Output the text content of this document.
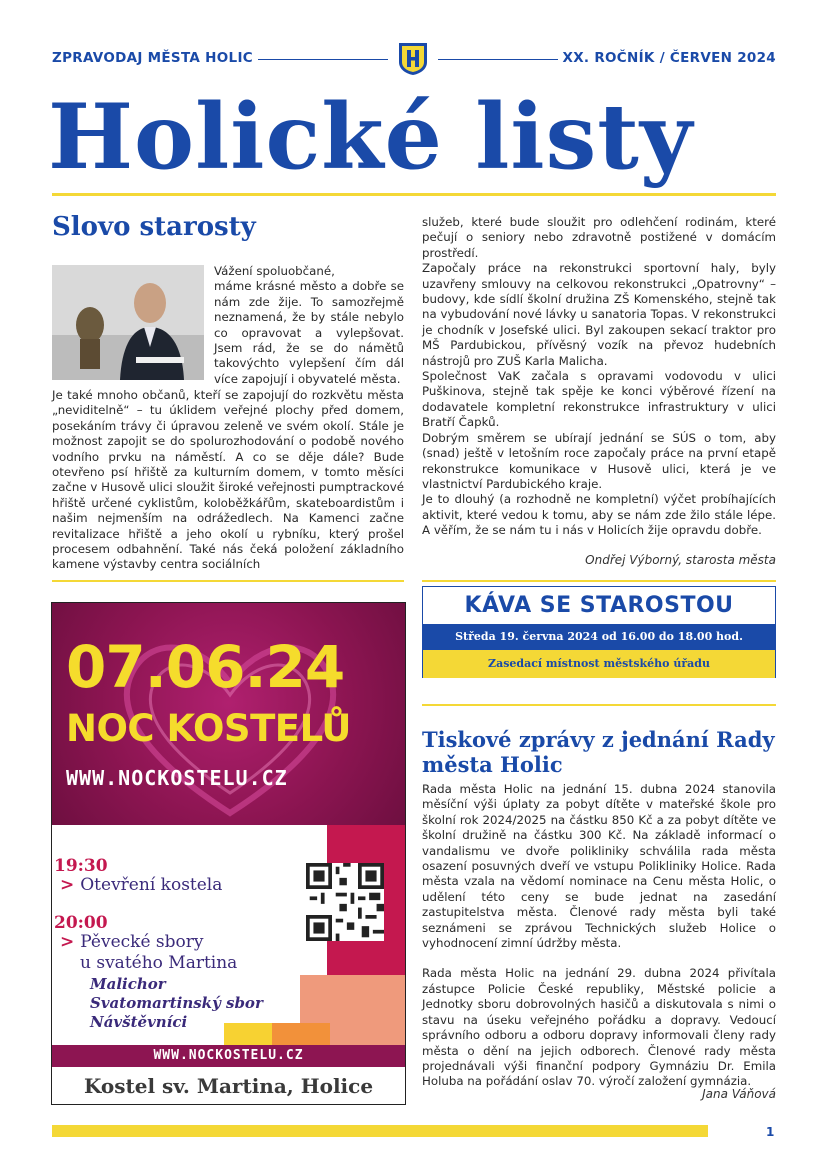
ZPRAVODAJ MĚSTA HOLIC	XX. ROČNÍK / ČERVEN 2024
Holické listy
Slovo starosty

Vážení spoluobčané,

máme krásné město a dobře se nám zde žije. To samozřejmě neznamená, že by stále nebylo co opravovat a vylepšovat. Jsem rád, že se do námětů takovýchto vylepšení čím dál více zapojují i obyvatelé města.

Je také mnoho občanů, kteří se zapojují do rozkvětu města „neviditelně“ – tu úklidem veřejné plochy před domem, posekáním trávy či úpravou zeleně ve svém okolí. Stále je možnost zapojit se do spolurozhodování o podobě nového vodního prvku na náměstí. A co se děje dále? Bude otevřeno psí hřiště za kulturním domem, v tomto měsíci začne v Husově ulici sloužit široké veřejnosti pumptrackové hřiště určené cyklistům, koloběžkářům, skateboardistům i našim nejmenším na odrážedlech. Na Kamenci začne revitalizace hřiště a jeho okolí u rybníku, který prošel procesem odbahnění. Také nás čeká položení základního kamene výstavby centra sociálních

služeb, které bude sloužit pro odlehčení rodinám, které pečují o seniory nebo zdravotně postižené v domácím prostředí.

Započaly práce na rekonstrukci sportovní haly, byly uzavřeny smlouvy na celkovou rekonstrukci „Opatrovny“ – budovy, kde sídlí školní družina ZŠ Komenského, stejně tak na vybudování nové lávky u sanatoria Topas. V rekonstrukci je chodník v Josefské ulici. Byl zakoupen sekací traktor pro MŠ Pardubickou, přívěsný vozík na převoz hudebních nástrojů pro ZUŠ Karla Malicha.

Společnost VaK začala s opravami vodovodu v ulici Puškinova, stejně tak spěje ke konci výběrové řízení na dodavatele kompletní rekonstrukce infrastruktury v ulici Bratří Čapků.

Dobrým směrem se ubírají jednání se SÚS o tom, aby (snad) ještě v letošním roce započaly práce na první etapě rekonstrukce komunikace v Husově ulici, která je ve vlastnictví Pardubického kraje.

Je to dlouhý (a rozhodně ne kompletní) výčet probíhajících aktivit, které vedou k tomu, aby se nám zde žilo stále lépe. A věřím, že se nám tu i nás v Holicích žije opravdu dobře.

Ondřej Výborný, starosta města
KÁVA SE STAROSTOU
Středa 19. června 2024 od 16.00 do 18.00 hod.
Zasedací místnost městského úřadu
07.06.24
NOC KOSTELŮ
WWW.NOCKOSTELU.CZ
19:30
> Otevření kostela
20:00
> Pěvecké sbory
u svatého Martina
Malichor
Svatomartinský sbor
Návštěvníci
WWW.NOCKOSTELU.CZ
Kostel sv. Martina, Holice
Tiskové zprávy z jednání Rady města Holic

Rada města Holic na jednání 15. dubna 2024 stanovila měsíční výši úplaty za pobyt dítěte v mateřské škole pro školní rok 2024/2025 na částku 850 Kč a za pobyt dítěte ve školní družině na částku 300 Kč. Na základě informací o vandalismu ve dvoře polikliniky schválila rada města osazení posuvných dveří ve vstupu Polikliniky Holice. Rada města vzala na vědomí nominace na Cenu města Holic, o udělení této ceny se bude jednat na zasedání zastupitelstva města. Členové rady města byli také seznámeni se zprávou Technických služeb Holice o vyhodnocení zimní údržby města.

Rada města Holic na jednání 29. dubna 2024 přivítala zástupce Policie České republiky, Městské policie a Jednotky sboru dobrovolných hasičů a diskutovala s nimi o stavu na úseku veřejného pořádku a dopravy. Vedoucí správního odboru a odboru dopravy informovali členy rady města o dění na jejich odborech. Členové rady města projednávali výši finanční podpory Gymnáziu Dr. Emila Holuba na pořádání oslav 70. výročí založení gymnázia.

Jana Váňová
1
